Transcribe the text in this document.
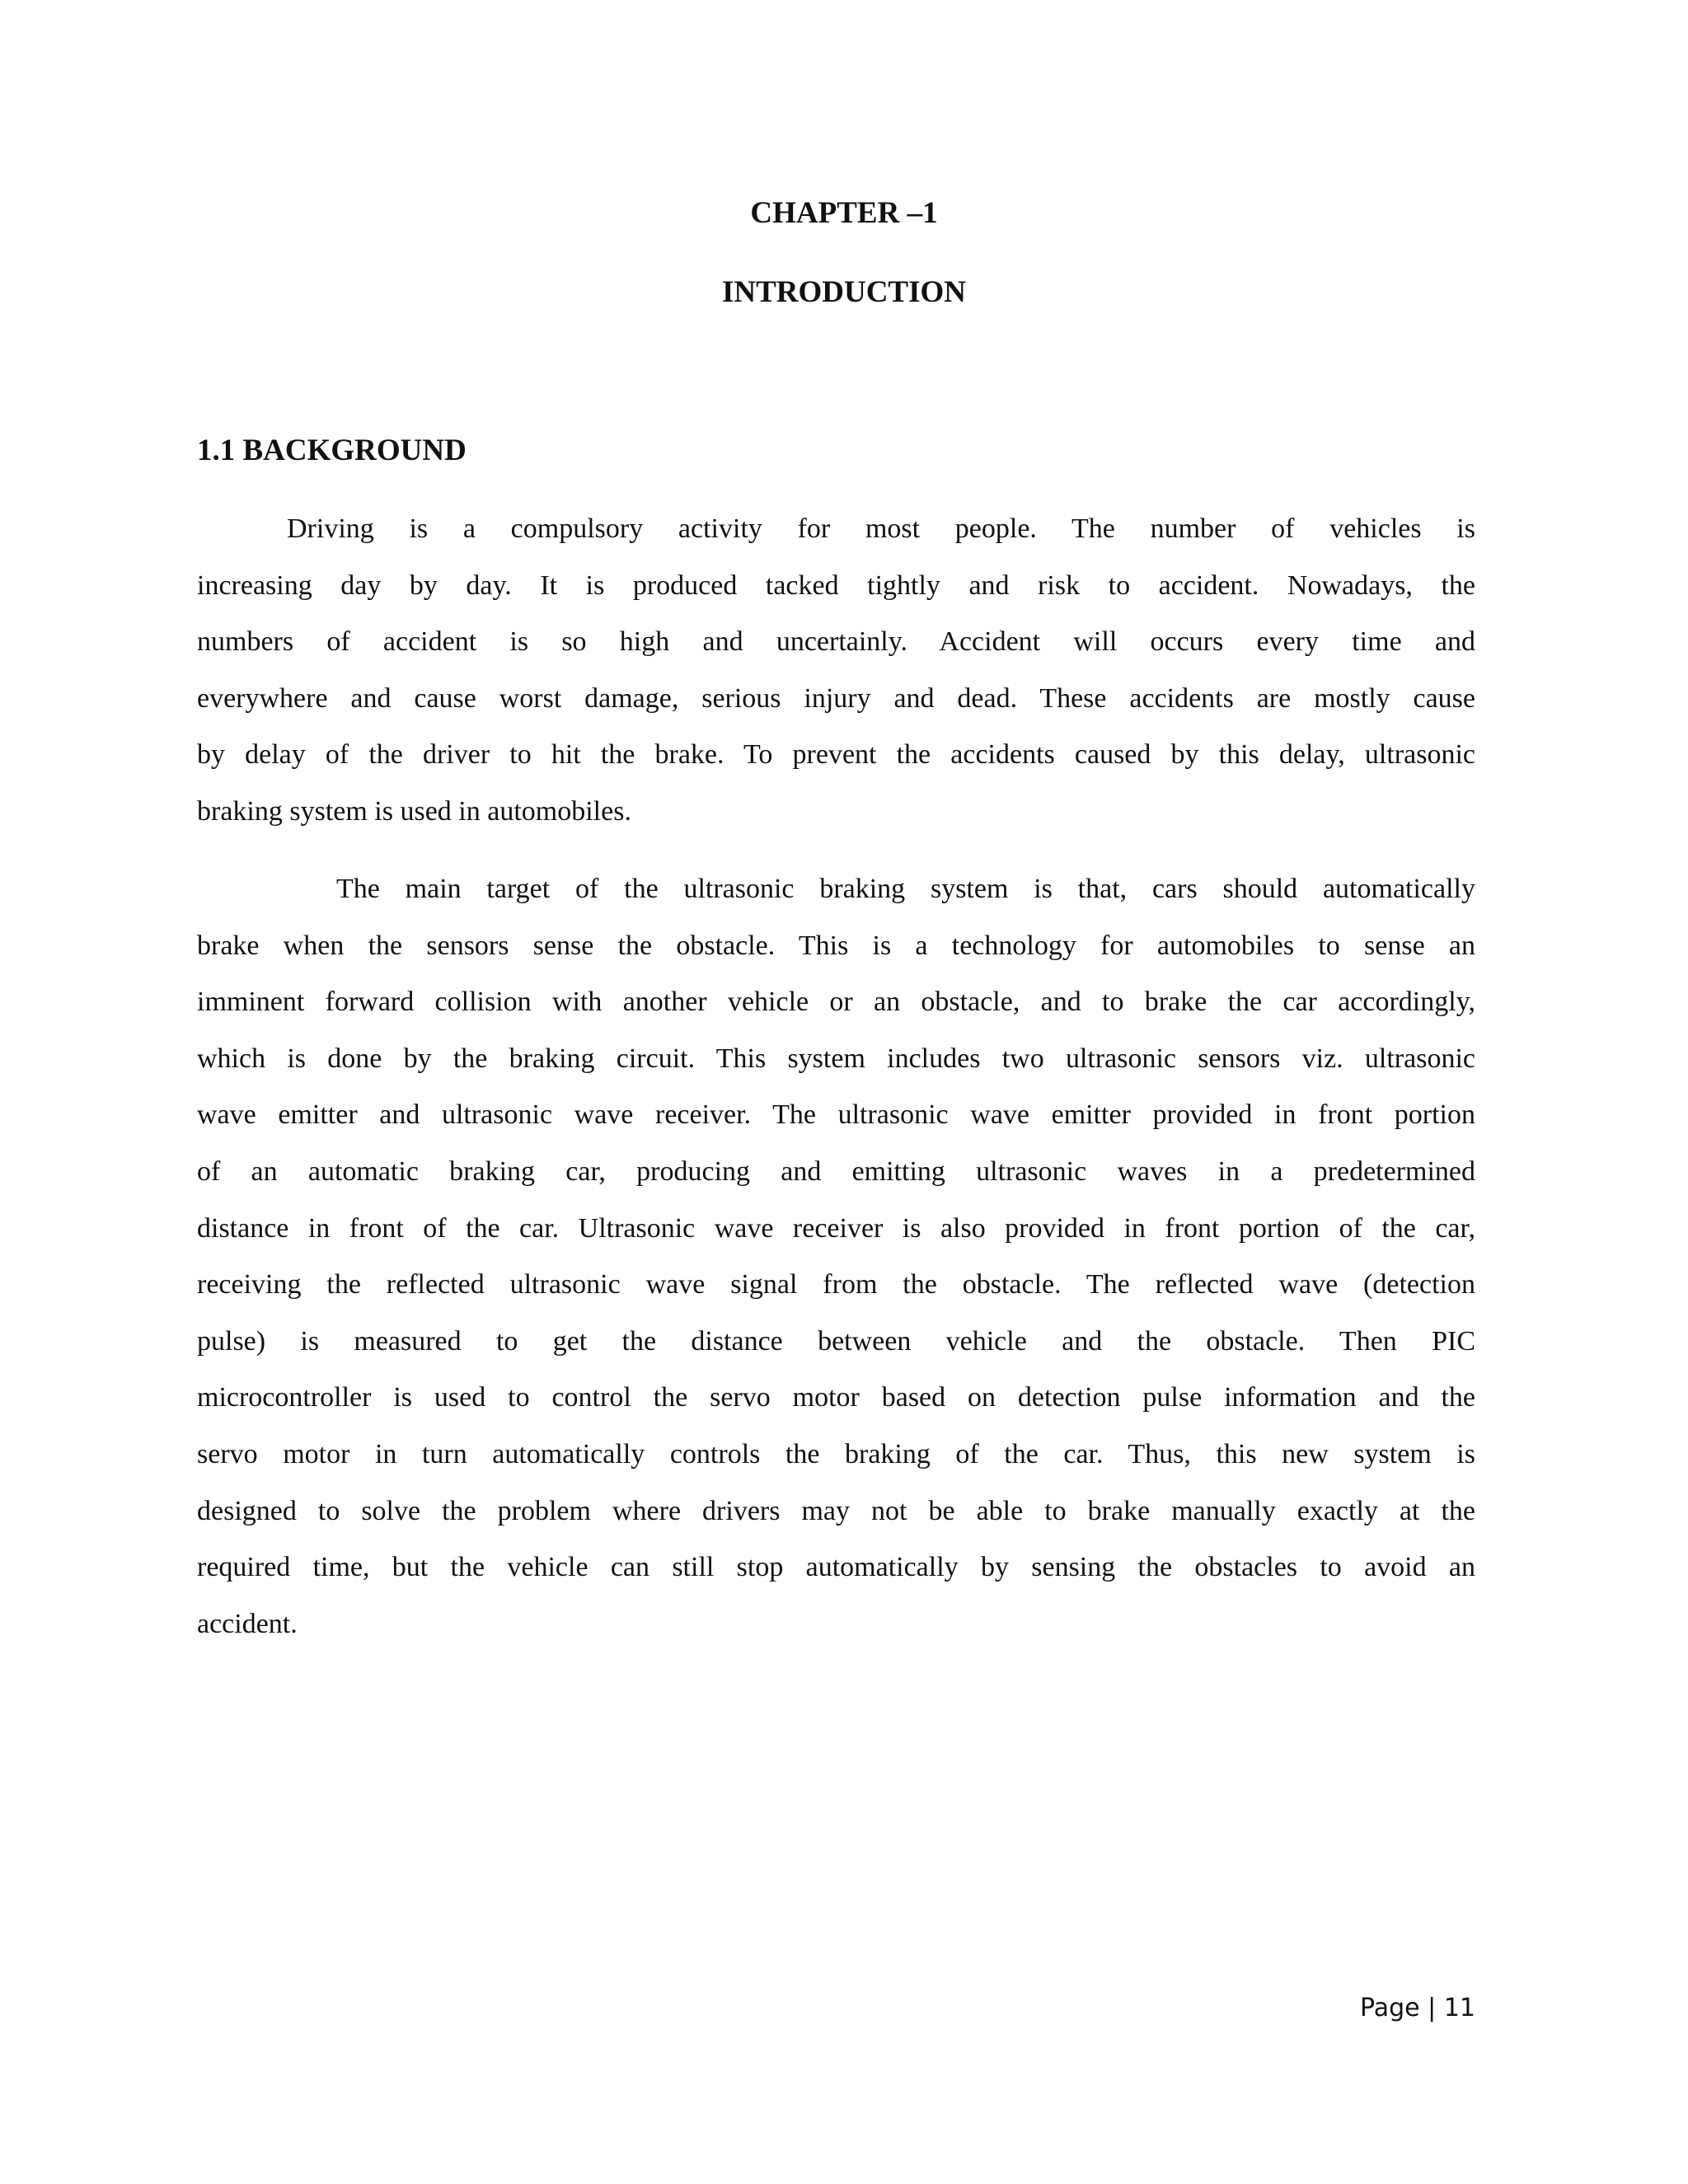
CHAPTER –1
INTRODUCTION
1.1 BACKGROUND
Driving is a compulsory activity for most people. The number of vehicles is
increasing day by day. It is produced tacked tightly and risk to accident. Nowadays, the
numbers of accident is so high and uncertainly. Accident will occurs every time and
everywhere and cause worst damage, serious injury and dead. These accidents are mostly cause
by delay of the driver to hit the brake. To prevent the accidents caused by this delay, ultrasonic
braking system is used in automobiles.
The main target of the ultrasonic braking system is that, cars should automatically
brake when the sensors sense the obstacle. This is a technology for automobiles to sense an
imminent forward collision with another vehicle or an obstacle, and to brake the car accordingly,
which is done by the braking circuit. This system includes two ultrasonic sensors viz. ultrasonic
wave emitter and ultrasonic wave receiver. The ultrasonic wave emitter provided in front portion
of an automatic braking car, producing and emitting ultrasonic waves in a predetermined
distance in front of the car. Ultrasonic wave receiver is also provided in front portion of the car,
receiving the reflected ultrasonic wave signal from the obstacle. The reflected wave (detection
pulse) is measured to get the distance between vehicle and the obstacle. Then PIC
microcontroller is used to control the servo motor based on detection pulse information and the
servo motor in turn automatically controls the braking of the car. Thus, this new system is
designed to solve the problem where drivers may not be able to brake manually exactly at the
required time, but the vehicle can still stop automatically by sensing the obstacles to avoid an
accident.
Page | 11
